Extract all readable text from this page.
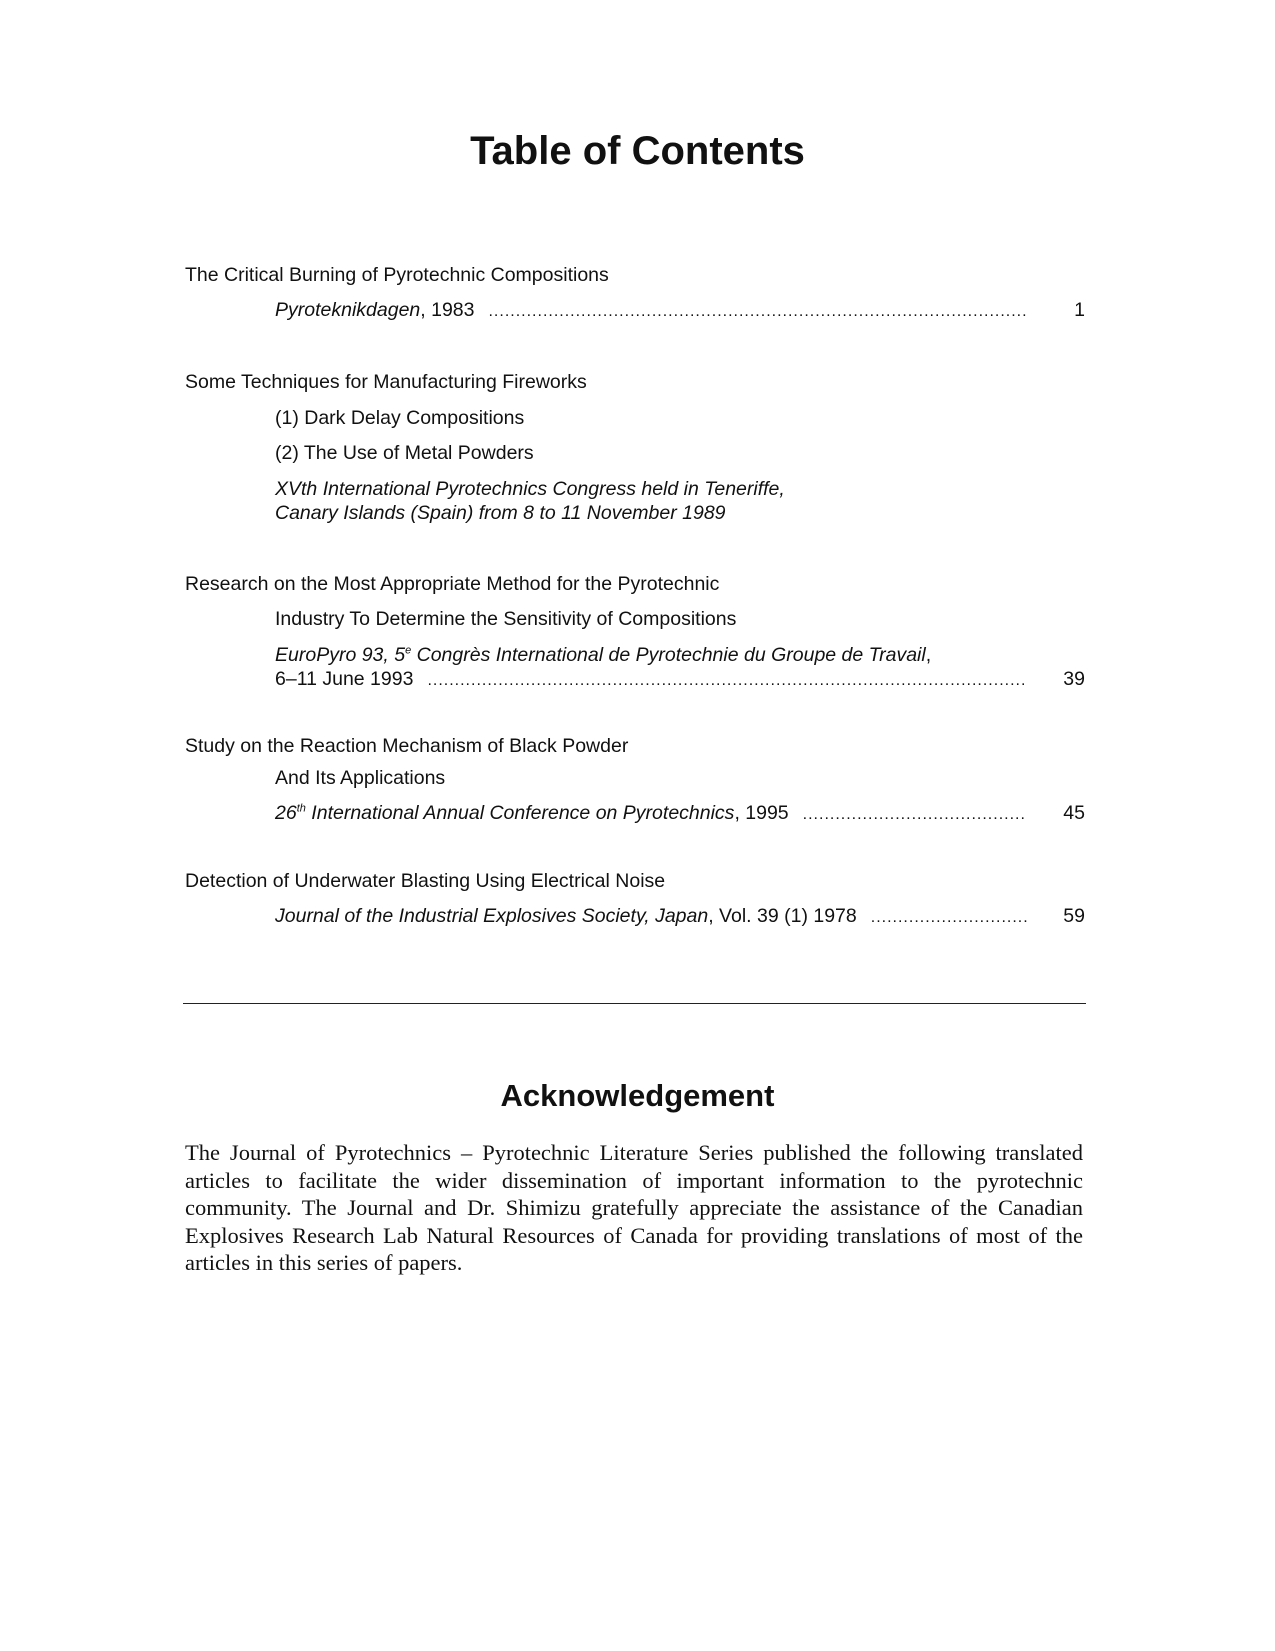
Table of Contents
The Critical Burning of Pyrotechnic Compositions
Pyroteknikdagen, 1983 .....	1
Some Techniques for Manufacturing Fireworks
(1) Dark Delay Compositions
(2) The Use of Metal Powders
XVth International Pyrotechnics Congress held in Teneriffe,
Canary Islands (Spain) from 8 to 11 November 1989
Research on the Most Appropriate Method for the Pyrotechnic
Industry To Determine the Sensitivity of Compositions
EuroPyro 93, 5e Congrès International de Pyrotechnie du Groupe de Travail,
6–11 June 1993 .....	39
Study on the Reaction Mechanism of Black Powder
And Its Applications
26th International Annual Conference on Pyrotechnics, 1995 .....	45
Detection of Underwater Blasting Using Electrical Noise
Journal of the Industrial Explosives Society, Japan, Vol. 39 (1) 1978 .....	59
Acknowledgement

The Journal of Pyrotechnics – Pyrotechnic Literature Series published the following translated articles to facilitate the wider dissemination of important information to the pyrotechnic community. The Journal and Dr. Shimizu gratefully appreciate the assistance of the Canadian Explosives Research Lab Natural Resources of Canada for providing translations of most of the articles in this series of papers.
